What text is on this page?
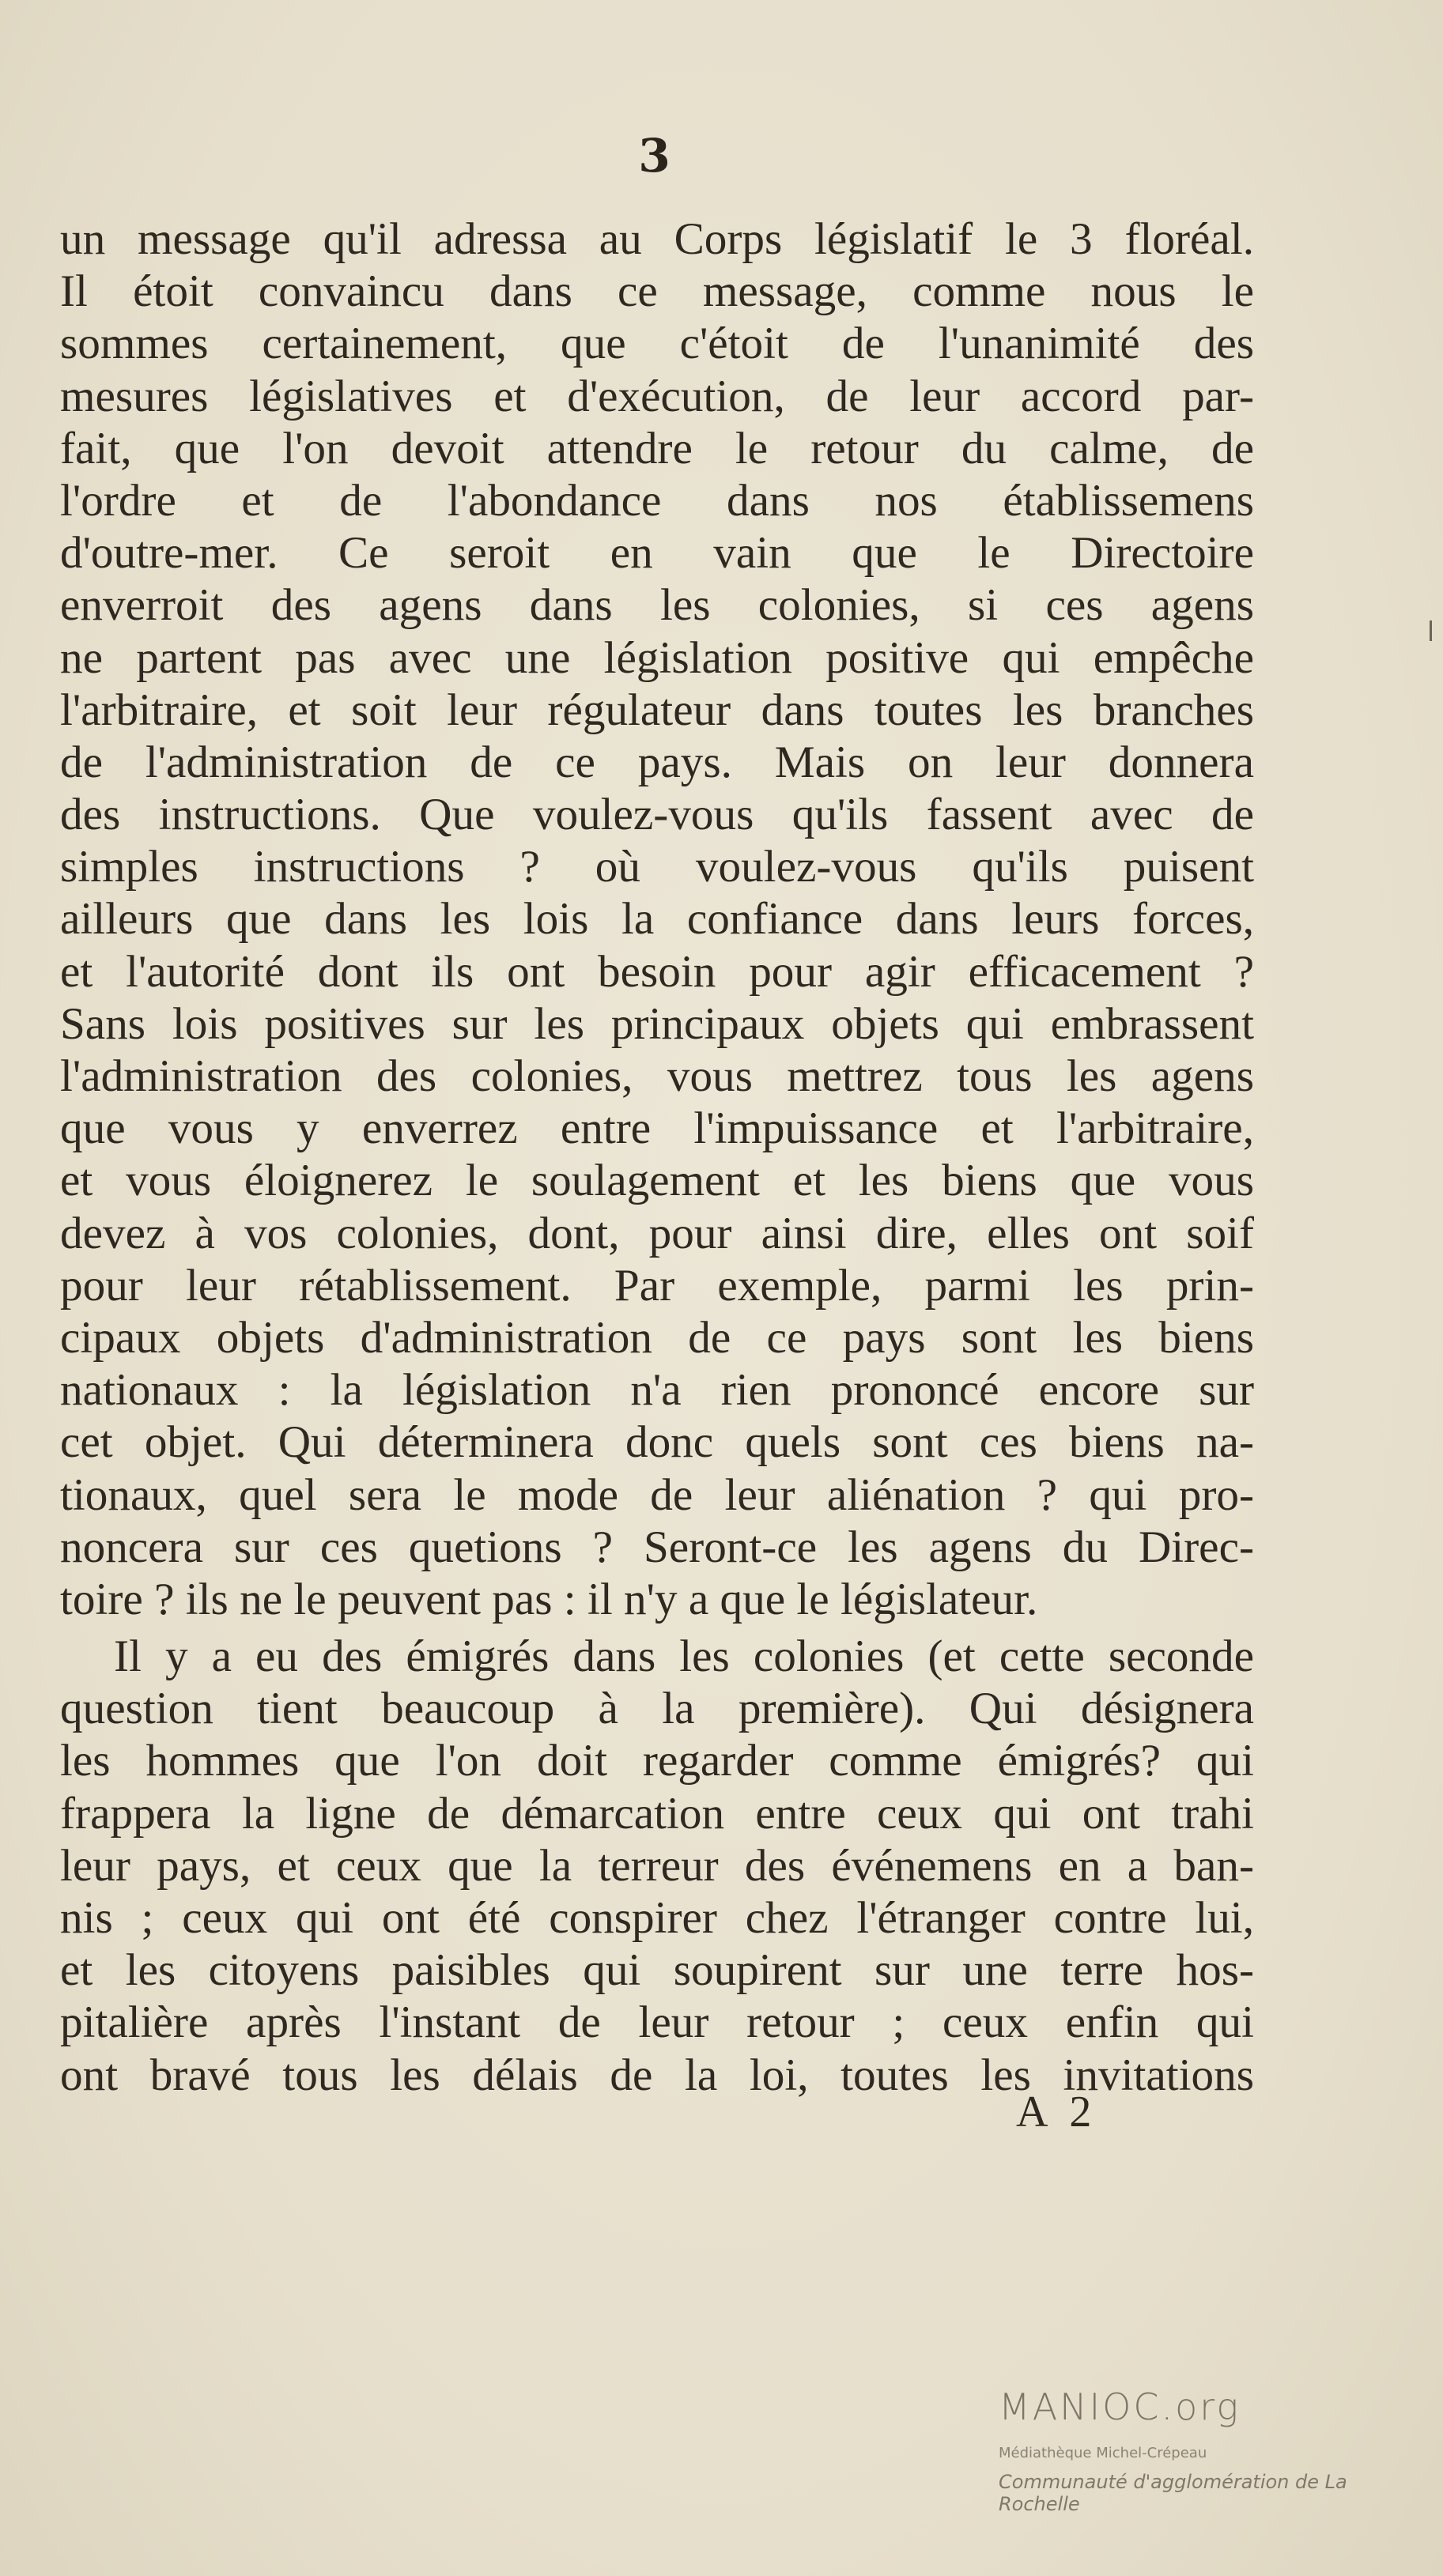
3
un message qu'il adressa au Corps législatif le 3 floréal.
Il étoit convaincu dans ce message, comme nous le
sommes certainement, que c'étoit de l'unanimité des
mesures législatives et d'exécution, de leur accord par-
fait, que l'on devoit attendre le retour du calme, de
l'ordre et de l'abondance dans nos établissemens
d'outre-mer. Ce seroit en vain que le Directoire
enverroit des agens dans les colonies, si ces agens
ne partent pas avec une législation positive qui empêche
l'arbitraire, et soit leur régulateur dans toutes les branches
de l'administration de ce pays. Mais on leur donnera
des instructions. Que voulez-vous qu'ils fassent avec de
simples instructions ? où voulez-vous qu'ils puisent
ailleurs que dans les lois la confiance dans leurs forces,
et l'autorité dont ils ont besoin pour agir efficacement ?
Sans lois positives sur les principaux objets qui embrassent
l'administration des colonies, vous mettrez tous les agens
que vous y enverrez entre l'impuissance et l'arbitraire,
et vous éloignerez le soulagement et les biens que vous
devez à vos colonies, dont, pour ainsi dire, elles ont soif
pour leur rétablissement. Par exemple, parmi les prin-
cipaux objets d'administration de ce pays sont les biens
nationaux : la législation n'a rien prononcé encore sur
cet objet. Qui déterminera donc quels sont ces biens na-
tionaux, quel sera le mode de leur aliénation ? qui pro-
noncera sur ces quetions ? Seront-ce les agens du Direc-
toire ? ils ne le peuvent pas : il n'y a que le législateur.
Il y a eu des émigrés dans les colonies (et cette seconde
question tient beaucoup à la première). Qui désignera
les hommes que l'on doit regarder comme émigrés? qui
frappera la ligne de démarcation entre ceux qui ont trahi
leur pays, et ceux que la terreur des événemens en a ban-
nis ; ceux qui ont été conspirer chez l'étranger contre lui,
et les citoyens paisibles qui soupirent sur une terre hos-
pitalière après l'instant de leur retour ; ceux enfin qui
ont bravé tous les délais de la loi, toutes les invitations
A 2
MANIOC.org
Médiathèque Michel-Crépeau
Communauté d'agglomération de La Rochelle
